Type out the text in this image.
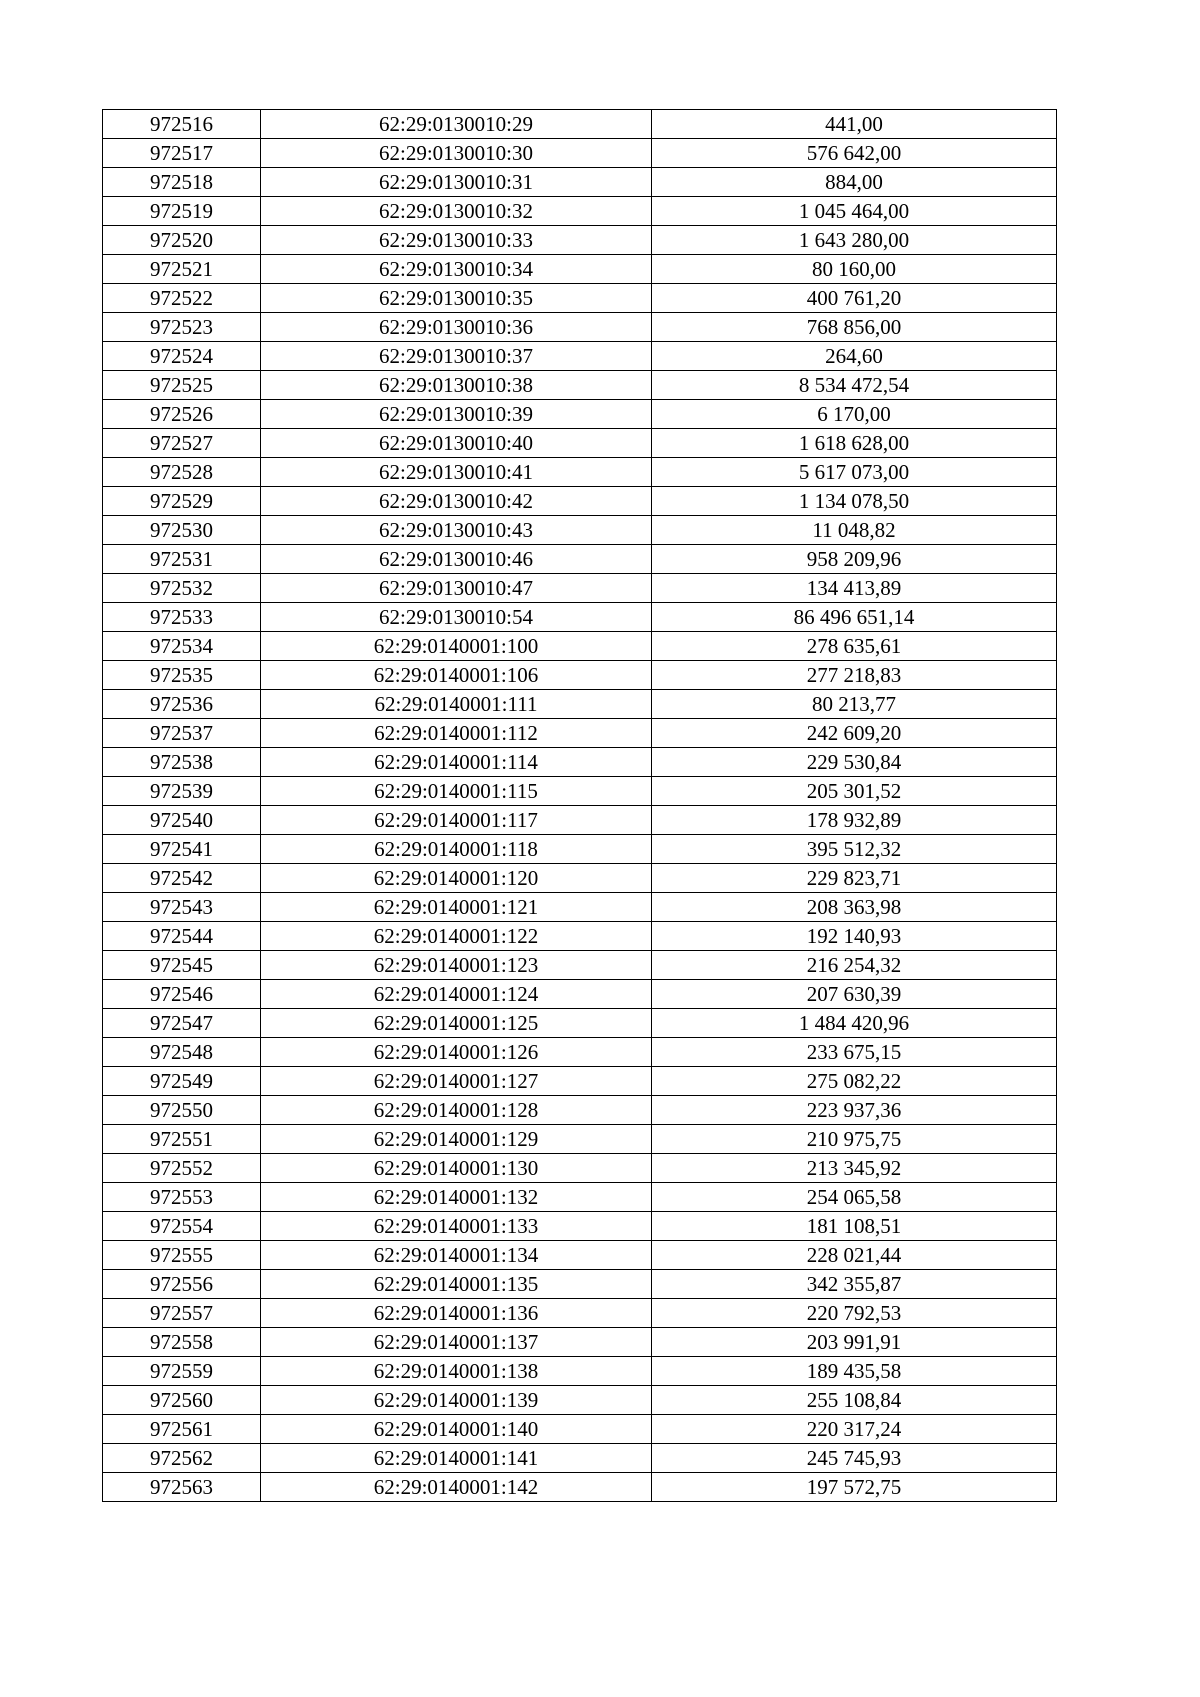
972516	62:29:0130010:29	441,00
972517	62:29:0130010:30	576 642,00
972518	62:29:0130010:31	884,00
972519	62:29:0130010:32	1 045 464,00
972520	62:29:0130010:33	1 643 280,00
972521	62:29:0130010:34	80 160,00
972522	62:29:0130010:35	400 761,20
972523	62:29:0130010:36	768 856,00
972524	62:29:0130010:37	264,60
972525	62:29:0130010:38	8 534 472,54
972526	62:29:0130010:39	6 170,00
972527	62:29:0130010:40	1 618 628,00
972528	62:29:0130010:41	5 617 073,00
972529	62:29:0130010:42	1 134 078,50
972530	62:29:0130010:43	11 048,82
972531	62:29:0130010:46	958 209,96
972532	62:29:0130010:47	134 413,89
972533	62:29:0130010:54	86 496 651,14
972534	62:29:0140001:100	278 635,61
972535	62:29:0140001:106	277 218,83
972536	62:29:0140001:111	80 213,77
972537	62:29:0140001:112	242 609,20
972538	62:29:0140001:114	229 530,84
972539	62:29:0140001:115	205 301,52
972540	62:29:0140001:117	178 932,89
972541	62:29:0140001:118	395 512,32
972542	62:29:0140001:120	229 823,71
972543	62:29:0140001:121	208 363,98
972544	62:29:0140001:122	192 140,93
972545	62:29:0140001:123	216 254,32
972546	62:29:0140001:124	207 630,39
972547	62:29:0140001:125	1 484 420,96
972548	62:29:0140001:126	233 675,15
972549	62:29:0140001:127	275 082,22
972550	62:29:0140001:128	223 937,36
972551	62:29:0140001:129	210 975,75
972552	62:29:0140001:130	213 345,92
972553	62:29:0140001:132	254 065,58
972554	62:29:0140001:133	181 108,51
972555	62:29:0140001:134	228 021,44
972556	62:29:0140001:135	342 355,87
972557	62:29:0140001:136	220 792,53
972558	62:29:0140001:137	203 991,91
972559	62:29:0140001:138	189 435,58
972560	62:29:0140001:139	255 108,84
972561	62:29:0140001:140	220 317,24
972562	62:29:0140001:141	245 745,93
972563	62:29:0140001:142	197 572,75
